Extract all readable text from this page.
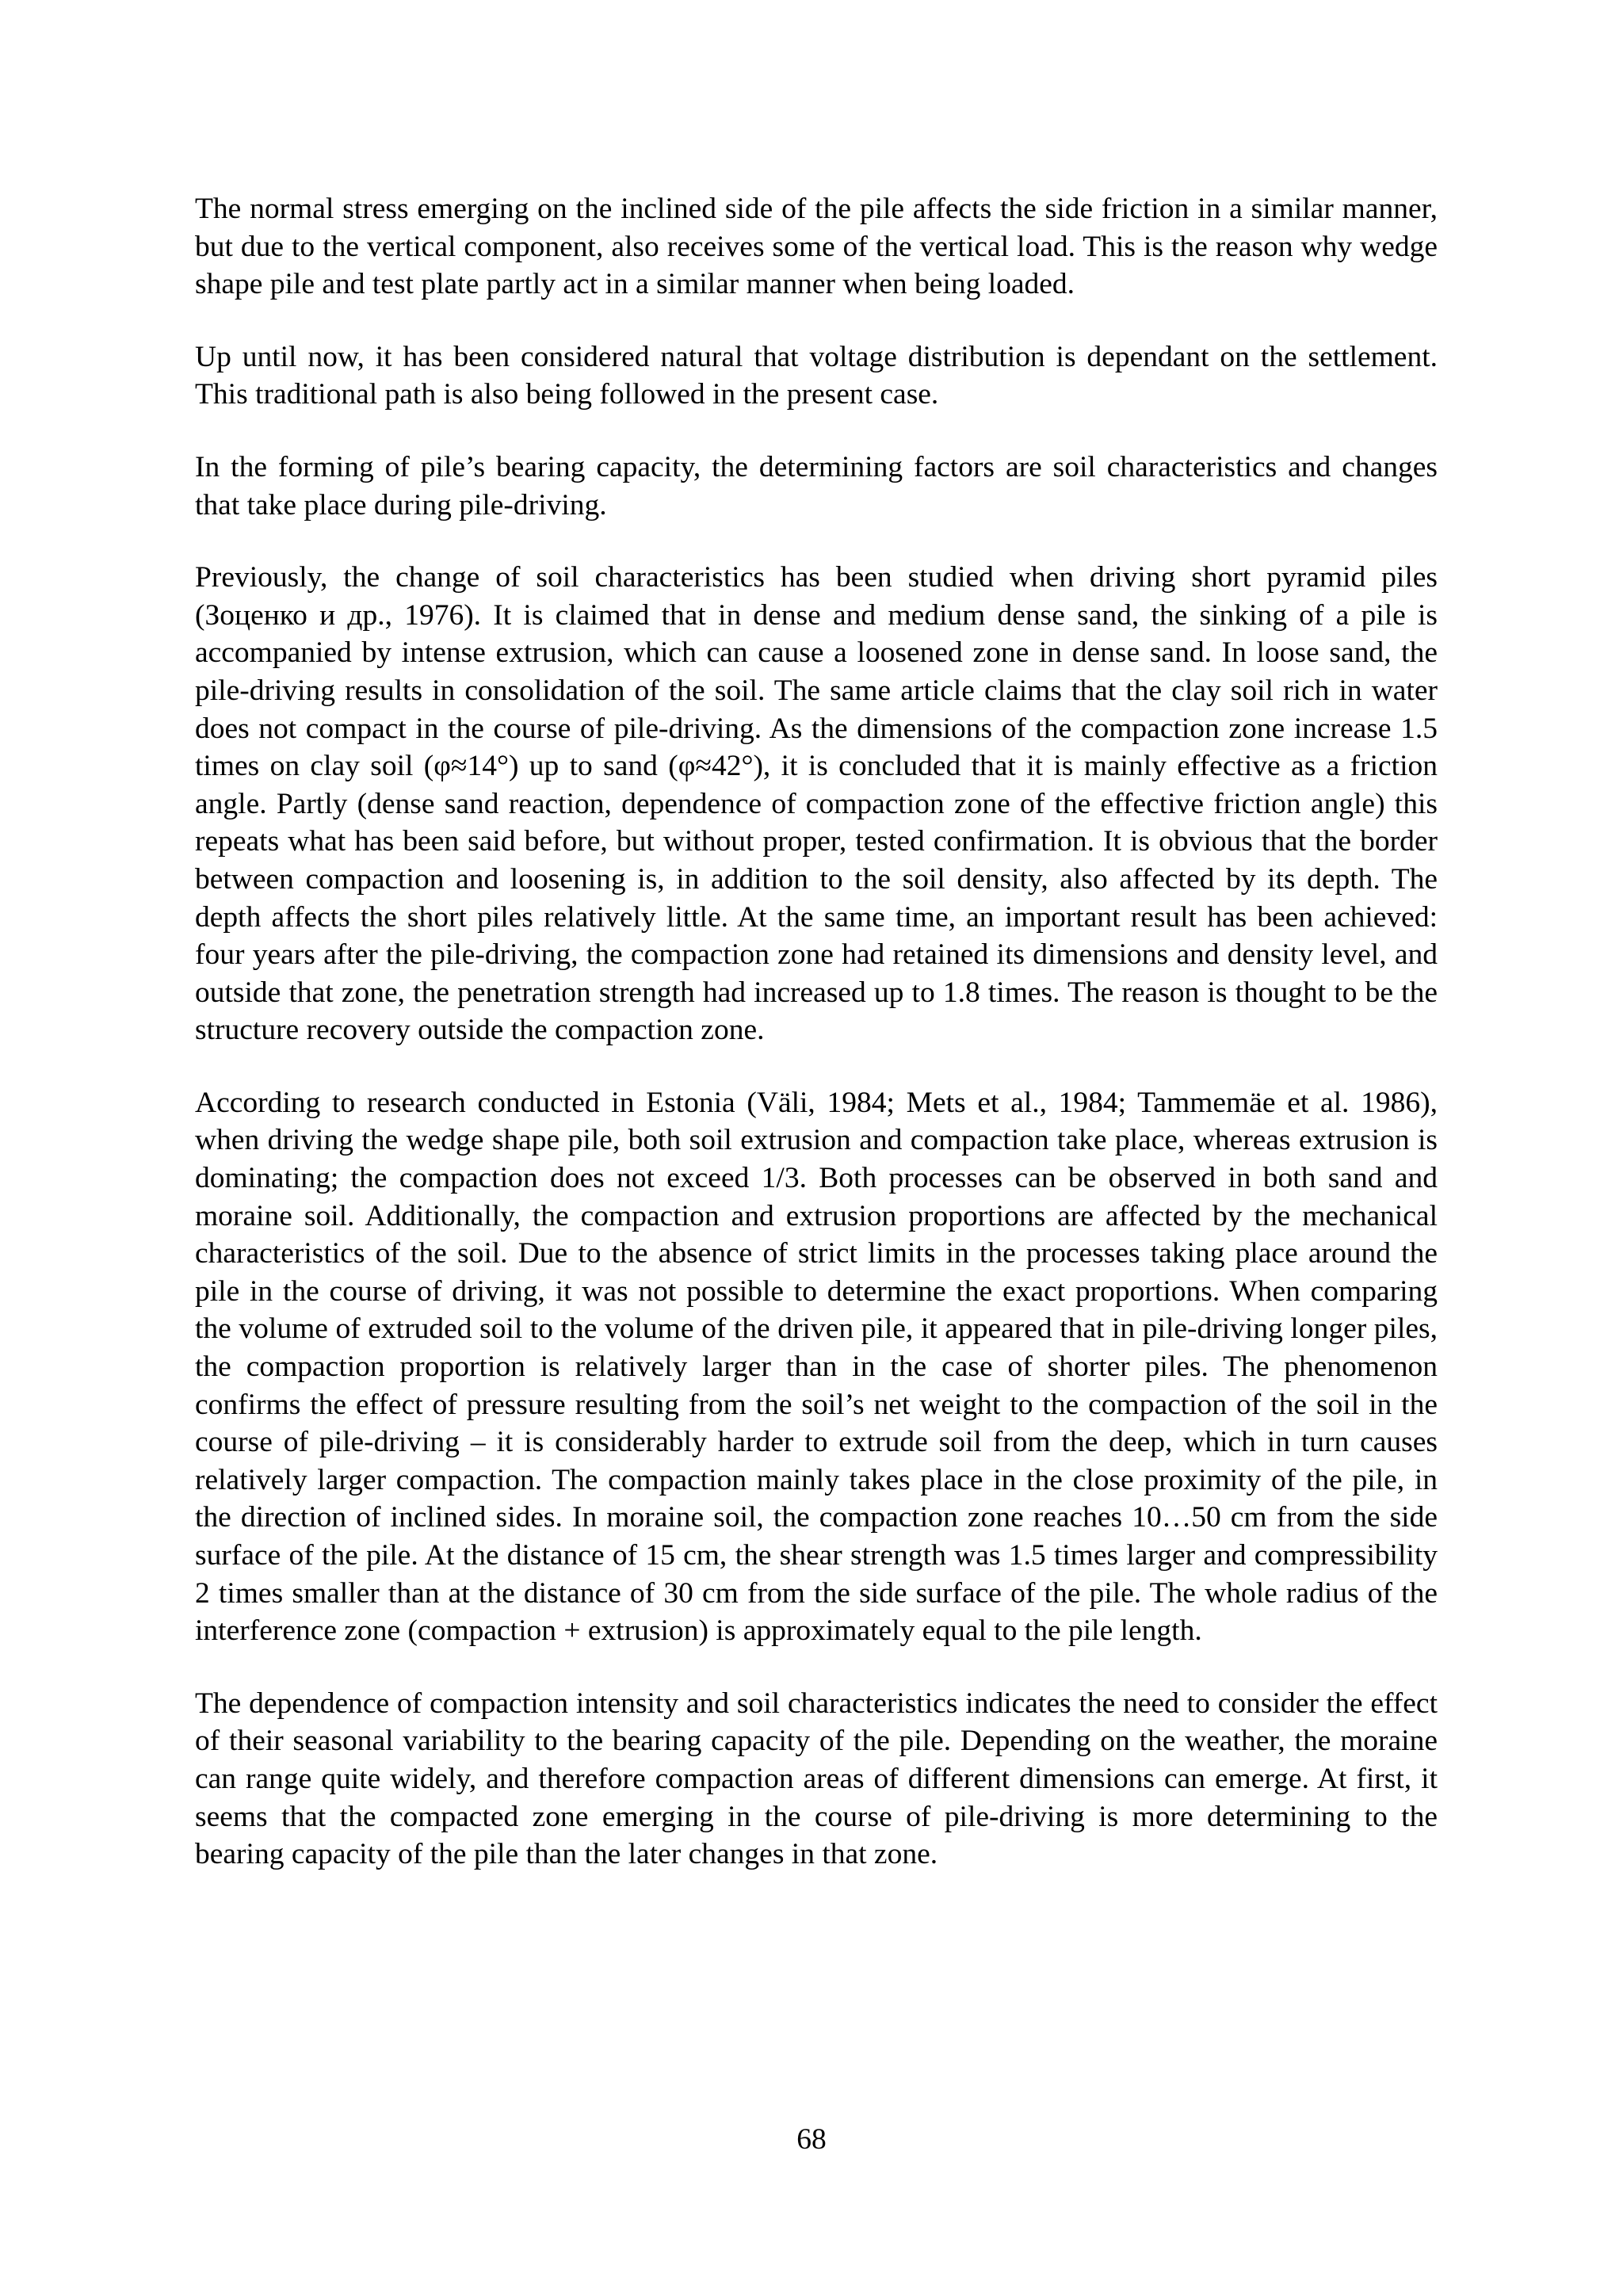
The normal stress emerging on the inclined side of the pile affects the side friction in a similar manner, but due to the vertical component, also receives some of the vertical load. This is the reason why wedge shape pile and test plate partly act in a similar manner when being loaded.

Up until now, it has been considered natural that voltage distribution is dependant on the settlement. This traditional path is also being followed in the present case.

In the forming of pile’s bearing capacity, the determining factors are soil characteristics and changes that take place during pile-driving.

Previously, the change of soil characteristics has been studied when driving short pyramid piles (Зоценко и др., 1976). It is claimed that in dense and medium dense sand, the sinking of a pile is accompanied by intense extrusion, which can cause a loosened zone in dense sand. In loose sand, the pile-driving results in consolidation of the soil. The same article claims that the clay soil rich in water does not compact in the course of pile-driving. As the dimensions of the compaction zone increase 1.5 times on clay soil (φ≈14°) up to sand (φ≈42°), it is concluded that it is mainly effective as a friction angle. Partly (dense sand reaction, dependence of compaction zone of the effective friction angle) this repeats what has been said before, but without proper, tested confirmation. It is obvious that the border between compaction and loosening is, in addition to the soil density, also affected by its depth. The depth affects the short piles relatively little. At the same time, an important result has been achieved: four years after the pile-driving, the compaction zone had retained its dimensions and density level, and outside that zone, the penetration strength had increased up to 1.8 times. The reason is thought to be the structure recovery outside the compaction zone.

According to research conducted in Estonia (Väli, 1984; Mets et al., 1984; Tammemäe et al. 1986), when driving the wedge shape pile, both soil extrusion and compaction take place, whereas extrusion is dominating; the compaction does not exceed 1/3. Both processes can be observed in both sand and moraine soil. Additionally, the compaction and extrusion proportions are affected by the mechanical characteristics of the soil. Due to the absence of strict limits in the processes taking place around the pile in the course of driving, it was not possible to determine the exact proportions. When comparing the volume of extruded soil to the volume of the driven pile, it appeared that in pile-driving longer piles, the compaction proportion is relatively larger than in the case of shorter piles. The phenomenon confirms the effect of pressure resulting from the soil’s net weight to the compaction of the soil in the course of pile-driving – it is considerably harder to extrude soil from the deep, which in turn causes relatively larger compaction. The compaction mainly takes place in the close proximity of the pile, in the direction of inclined sides. In moraine soil, the compaction zone reaches 10…50 cm from the side surface of the pile. At the distance of 15 cm, the shear strength was 1.5 times larger and compressibility 2 times smaller than at the distance of 30 cm from the side surface of the pile. The whole radius of the interference zone (compaction + extrusion) is approximately equal to the pile length.

The dependence of compaction intensity and soil characteristics indicates the need to consider the effect of their seasonal variability to the bearing capacity of the pile. Depending on the weather, the moraine can range quite widely, and therefore compaction areas of different dimensions can emerge. At first, it seems that the compacted zone emerging in the course of pile-driving is more determining to the bearing capacity of the pile than the later changes in that zone.

68
